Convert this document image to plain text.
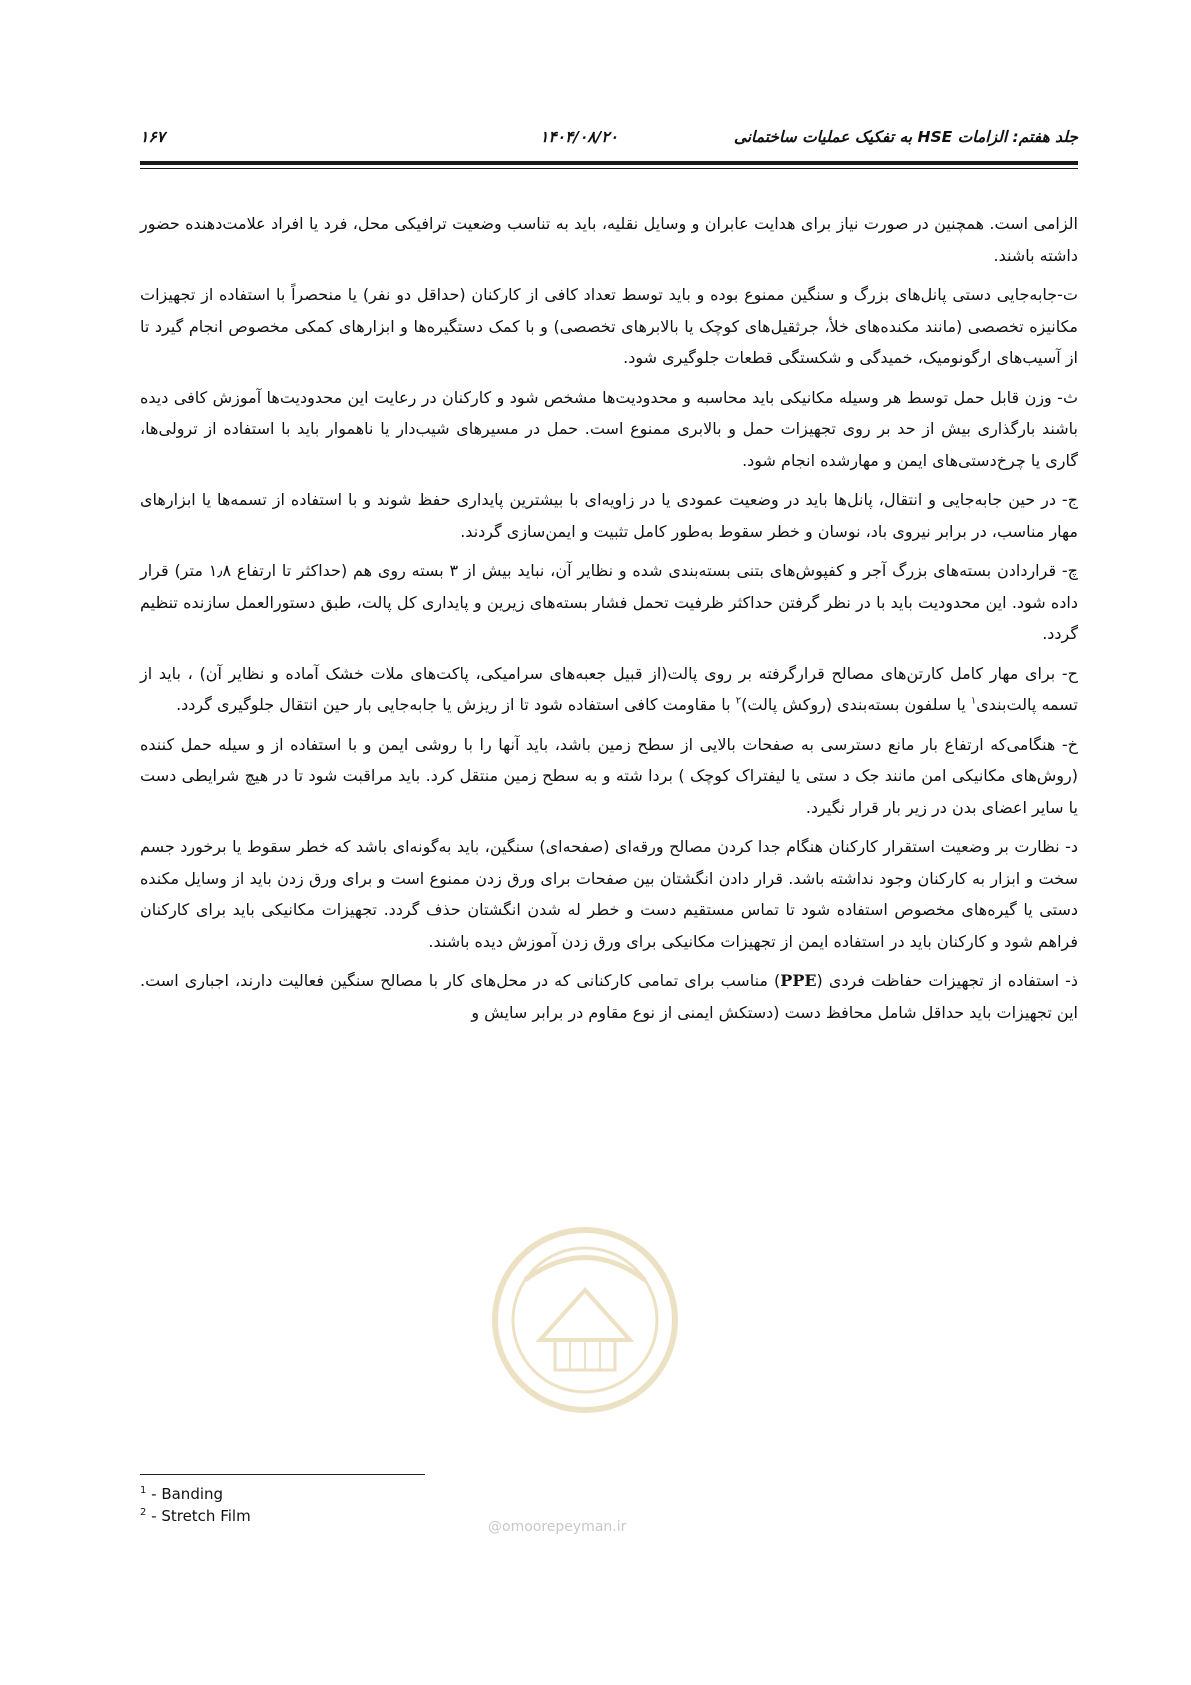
جلد هفتم: الزامات HSE به تفکیک عملیات ساختمانی
۱۴۰۴/۰۸/۲۰
۱۶۷
@omoorepeyman.ir

الزامی است. همچنین در صورت نیاز برای هدایت عابران و وسایل نقلیه، باید به تناسب وضعیت ترافیکی محل، فرد یا افراد علامت‌دهنده حضور داشته باشند.

ت-جابه‌جایی دستی پانل‌های بزرگ و سنگین ممنوع بوده و باید توسط تعداد کافی از کارکنان (حداقل دو نفر) یا منحصراً با استفاده از تجهیزات مکانیزه تخصصی (مانند مکنده‌های خلأ، جرثقیل‌های کوچک یا بالابرهای تخصصی) و با کمک دستگیره‌ها و ابزارهای کمکی مخصوص انجام گیرد تا از آسیب‌های ارگونومیک، خمیدگی و شکستگی قطعات جلوگیری شود.

ث- وزن قابل حمل توسط هر وسیله مکانیکی باید محاسبه و محدودیت‌ها مشخص شود و کارکنان در رعایت این محدودیت‌ها آموزش کافی دیده باشند بارگذاری بیش از حد بر روی تجهیزات حمل و بالابری ممنوع است. حمل در مسیرهای شیب‌دار یا ناهموار باید با استفاده از ترولی‌ها، گاری یا چرخ‌دستی‌های ایمن و مهارشده انجام شود.

ج- در حین جابه‌جایی و انتقال، پانل‌ها باید در وضعیت عمودی یا در زاویه‌ای با بیشترین پایداری حفظ شوند و با استفاده از تسمه‌ها یا ابزارهای مهار مناسب، در برابر نیروی باد، نوسان و خطر سقوط به‌طور کامل تثبیت و ایمن‌سازی گردند.

چ- قراردادن بسته‌های بزرگ آجر و کفپوش‌های بتنی بسته‌بندی شده و نظایر آن، نباید بیش از ۳ بسته روی هم (حداکثر تا ارتفاع ۱٫۸ متر) قرار داده شود. این محدودیت باید با در نظر گرفتن حداکثر ظرفیت تحمل فشار بسته‌های زیرین و پایداری کل پالت، طبق دستورالعمل سازنده تنظیم گردد.

ح- برای مهار کامل کارتن‌های مصالح قرارگرفته بر روی پالت(از قبیل جعبه‌های سرامیکی، پاکت‌های ملات خشک آماده و نظایر آن) ، باید از تسمه پالت‌بندی$^۱$ یا سلفون بسته‌بندی (روکش پالت)$^۲$ با مقاومت کافی استفاده شود تا از ریزش یا جابه‌جایی بار حین انتقال جلوگیری گردد.

خ- هنگامی‌که ارتفاع بار مانع دسترسی به صفحات بالایی از سطح زمین باشد، باید آنها را با روشی ایمن و با استفاده از و سیله حمل کننده (روش‌های مکانیکی امن مانند جک د ستی یا لیفتراک کوچک ) بردا شته و به سطح زمین منتقل کرد. باید مراقبت شود تا در هیچ شرایطی دست یا سایر اعضای بدن در زیر بار قرار نگیرد.

د- نظارت بر وضعیت استقرار کارکنان هنگام جدا کردن مصالح ورقه‌ای (صفحه‌ای) سنگین، باید به‌گونه‌ای باشد که خطر سقوط یا برخورد جسم سخت و ابزار به کارکنان وجود نداشته باشد. قرار دادن انگشتان بین صفحات برای ورق زدن ممنوع است و برای ورق زدن باید از وسایل مکنده دستی یا گیره‌های مخصوص استفاده شود تا تماس مستقیم دست و خطر له شدن انگشتان حذف گردد. تجهیزات مکانیکی باید برای کارکنان فراهم شود و کارکنان باید در استفاده ایمن از تجهیزات مکانیکی برای ورق زدن آموزش دیده باشند.

ذ- استفاده از تجهیزات حفاظت فردی (PPE) مناسب برای تمامی کارکنانی که در محل‌های کار با مصالح سنگین فعالیت دارند، اجباری است. این تجهیزات باید حداقل شامل محافظ دست (دستکش ایمنی از نوع مقاوم در برابر سایش و

$^1$ - Banding
$^2$ - Stretch Film
